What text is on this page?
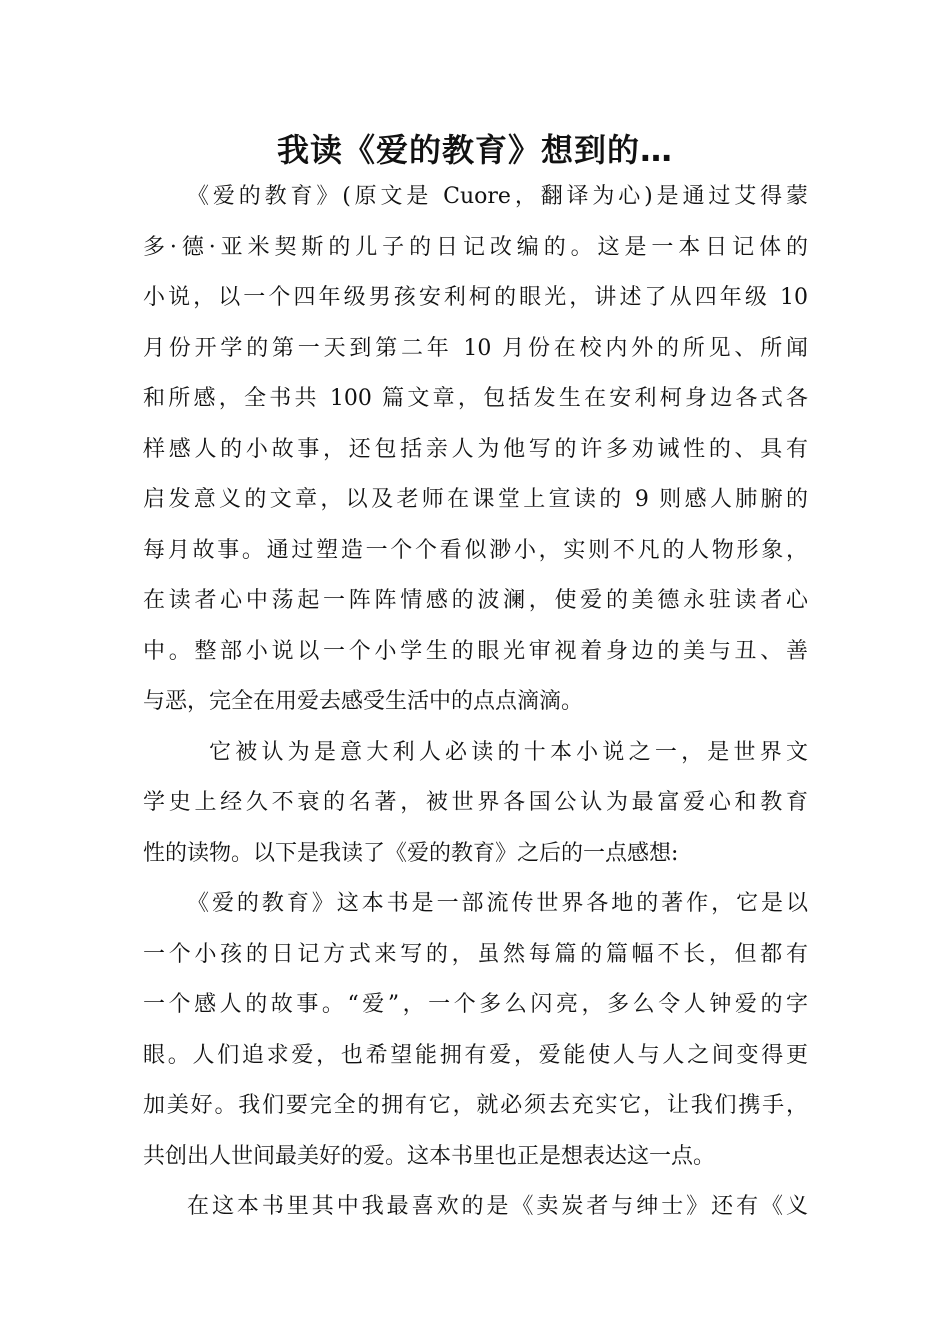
我读《爱的教育》想到的…
《爱的教育》(原文是 Cuore，翻译为心)是通过艾得蒙
多·德·亚米契斯的儿子的日记改编的。这是一本日记体的
小说，以一个四年级男孩安利柯的眼光，讲述了从四年级 10
月份开学的第一天到第二年 10 月份在校内外的所见、所闻
和所感，全书共 100 篇文章，包括发生在安利柯身边各式各
样感人的小故事，还包括亲人为他写的许多劝诫性的、具有
启发意义的文章，以及老师在课堂上宣读的 9 则感人肺腑的
每月故事。通过塑造一个个看似渺小，实则不凡的人物形象，
在读者心中荡起一阵阵情感的波澜，使爱的美德永驻读者心
中。整部小说以一个小学生的眼光审视着身边的美与丑、善
与恶，完全在用爱去感受生活中的点点滴滴。
它被认为是意大利人必读的十本小说之一，是世界文
学史上经久不衰的名著，被世界各国公认为最富爱心和教育
性的读物。以下是我读了《爱的教育》之后的一点感想:
《爱的教育》这本书是一部流传世界各地的著作，它是以
一个小孩的日记方式来写的，虽然每篇的篇幅不长，但都有
一个感人的故事。“爱”，一个多么闪亮，多么令人钟爱的字
眼。人们追求爱，也希望能拥有爱，爱能使人与人之间变得更
加美好。我们要完全的拥有它，就必须去充实它，让我们携手，
共创出人世间最美好的爱。这本书里也正是想表达这一点。
在这本书里其中我最喜欢的是《卖炭者与绅士》还有《义
